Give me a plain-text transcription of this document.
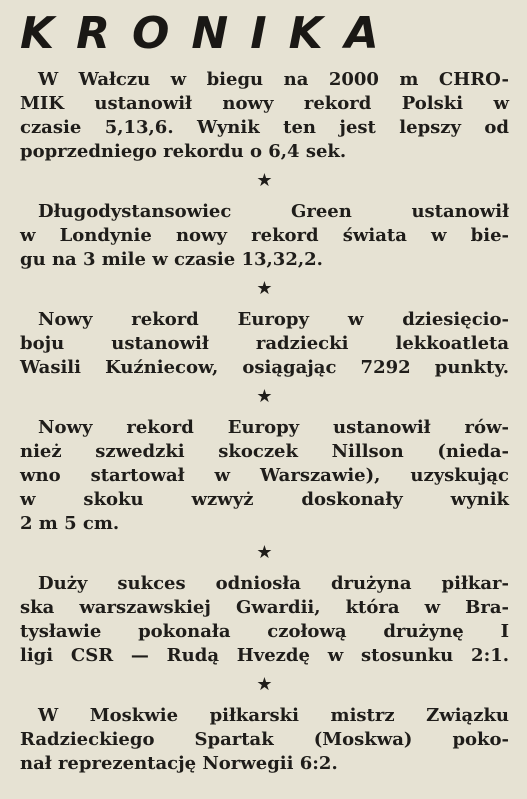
KRONIKA

W Wałczu w biegu na 2000 m CHRO-
MIK ustanowił nowy rekord Polski w
czasie 5,13,6. Wynik ten jest lepszy od
poprzedniego rekordu o 6,4 sek.

★

Długodystansowiec Green ustanowił
w Londynie nowy rekord świata w bie-
gu na 3 mile w czasie 13,32,2.

★

Nowy rekord Europy w dziesięcio-
boju ustanowił radziecki lekkoatleta
Wasili Kuźniecow, osiągając 7292 punkty.

★

Nowy rekord Europy ustanowił rów-
nież szwedzki skoczek Nillson (nieda-
wno startował w Warszawie), uzyskując
w skoku wzwyż doskonały wynik
2 m 5 cm.

★

Duży sukces odniosła drużyna piłkar-
ska warszawskiej Gwardii, która w Bra-
tysławie pokonała czołową drużynę I
ligi CSR — Rudą Hvezdę w stosunku 2:1.

★

W Moskwie piłkarski mistrz Związku
Radzieckiego Spartak (Moskwa) poko-
nał reprezentację Norwegii 6:2.
